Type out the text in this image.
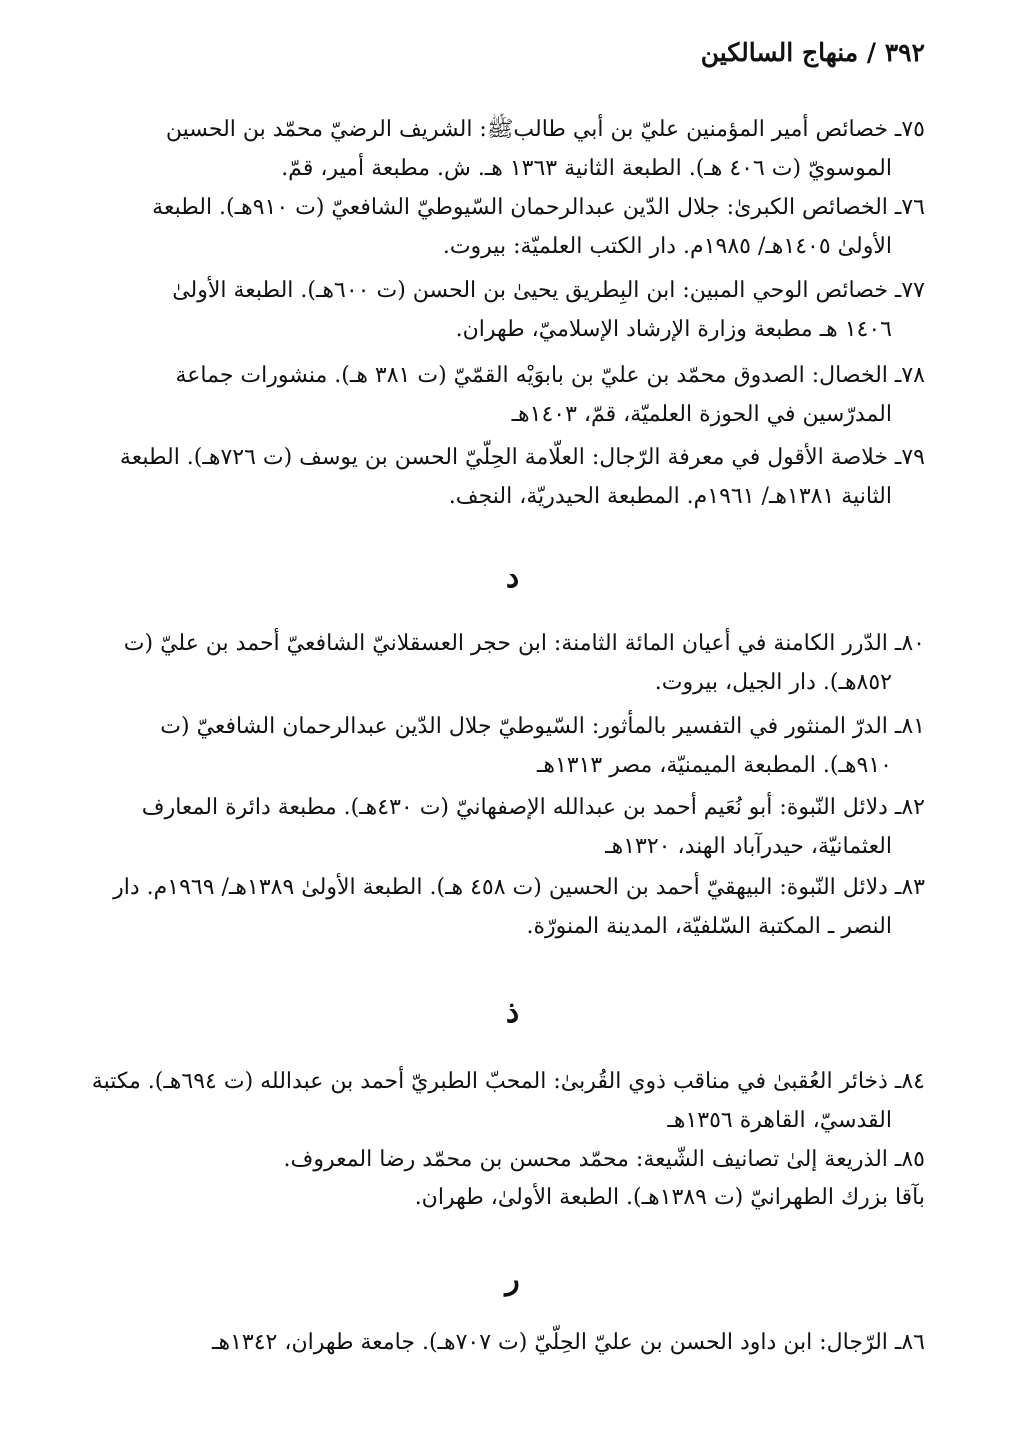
٣٩٢ / منهاج السالكين
٧٥ـ خصائص أمير المؤمنين عليّ بن أبي طالب‌‌‌‌‌‌‌ﷺ: الشريف الرضيّ محمّد بن الحسين
الموسويّ (ت ٤٠٦ هـ). الطبعة الثانية ١٣٦٣ هـ. ش. مطبعة أمير، قمّ.
٧٦ـ الخصائص الكبرىٰ: جلال الدّين عبدالرحمان السّيوطيّ الشافعيّ (ت ٩١٠هـ). الطبعة
الأولىٰ ١٤٠٥هـ/ ١٩٨٥م. دار الكتب العلميّة: بيروت.
٧٧ـ خصائص الوحي المبين: ابن البِطريق يحيىٰ بن الحسن (ت ٦٠٠هـ). الطبعة الأولىٰ
١٤٠٦ هـ مطبعة وزارة الإرشاد الإسلاميّ، طهران.
٧٨ـ الخصال: الصدوق محمّد بن عليّ بن بابوَيْه القمّيّ (ت ٣٨١ هـ). منشورات جماعة
المدرّسين في الحوزة العلميّة، قمّ، ١٤٠٣هـ
٧٩ـ خلاصة الأقول في معرفة الرّجال: العلّامة الحِلّيّ الحسن بن يوسف (ت ٧٢٦هـ). الطبعة
الثانية ١٣٨١هـ/ ١٩٦١م. المطبعة الحيدريّة، النجف.
د
٨٠ـ الدّرر الكامنة في أعيان المائة الثامنة: ابن حجر العسقلانيّ الشافعيّ أحمد بن عليّ (ت
٨٥٢هـ). دار الجيل، بيروت.
٨١ـ الدرّ المنثور في التفسير بالمأثور: السّيوطيّ جلال الدّين عبدالرحمان الشافعيّ (ت
٩١٠هـ). المطبعة الميمنيّة، مصر ١٣١٣هـ
٨٢ـ دلائل النّبوة: أبو نُعَيم أحمد بن عبدالله الإصفهانيّ (ت ٤٣٠هـ). مطبعة دائرة المعارف
العثمانيّة، حيدرآباد الهند، ١٣٢٠هـ
٨٣ـ دلائل النّبوة: البيهقيّ أحمد بن الحسين (ت ٤٥٨ هـ). الطبعة الأولىٰ ١٣٨٩هـ/ ١٩٦٩م. دار
النصر ـ المكتبة السّلفيّة، المدينة المنورّة.
ذ
٨٤ـ ذخائر العُقبىٰ في مناقب ذوي القُربىٰ: المحبّ الطبريّ أحمد بن عبدالله (ت ٦٩٤هـ). مكتبة
القدسيّ، القاهرة ١٣٥٦هـ
٨٥ـ الذريعة إلىٰ تصانيف الشّيعة: محمّد محسن بن محمّد رضا المعروف.
بآقا بزرك الطهرانيّ (ت ١٣٨٩هـ). الطبعة الأولىٰ، طهران.
ر
٨٦ـ الرّجال: ابن داود الحسن بن عليّ الحِلّيّ (ت ٧٠٧هـ). جامعة طهران، ١٣٤٢هـ
